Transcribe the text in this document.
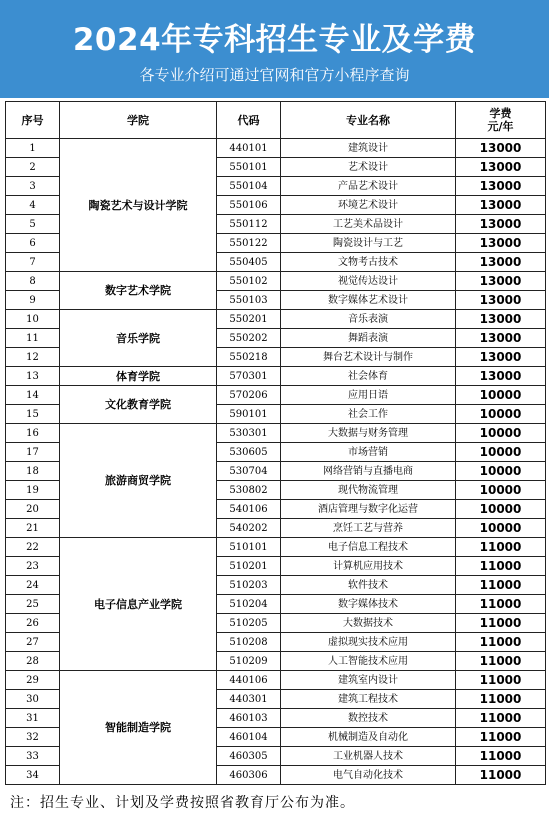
2024年专科招生专业及学费
各专业介绍可通过官网和官方小程序查询
序号	学院	代码	专业名称	学费
元/年
1	陶瓷艺术与设计学院	440101	建筑设计	13000
2		550101	艺术设计	13000
3		550104	产品艺术设计	13000
4		550106	环境艺术设计	13000
5		550112	工艺美术品设计	13000
6		550122	陶瓷设计与工艺	13000
7		550405	文物考古技术	13000
8	数字艺术学院	550102	视觉传达设计	13000
9		550103	数字媒体艺术设计	13000
10	音乐学院	550201	音乐表演	13000
11		550202	舞蹈表演	13000
12		550218	舞台艺术设计与制作	13000
13	体育学院	570301	社会体育	13000
14	文化教育学院	570206	应用日语	10000
15		590101	社会工作	10000
16	旅游商贸学院	530301	大数据与财务管理	10000
17		530605	市场营销	10000
18		530704	网络营销与直播电商	10000
19		530802	现代物流管理	10000
20		540106	酒店管理与数字化运营	10000
21		540202	烹饪工艺与营养	10000
22	电子信息产业学院	510101	电子信息工程技术	11000
23		510201	计算机应用技术	11000
24		510203	软件技术	11000
25		510204	数字媒体技术	11000
26		510205	大数据技术	11000
27		510208	虚拟现实技术应用	11000
28		510209	人工智能技术应用	11000
29	智能制造学院	440106	建筑室内设计	11000
30		440301	建筑工程技术	11000
31		460103	数控技术	11000
32		460104	机械制造及自动化	11000
33		460305	工业机器人技术	11000
34		460306	电气自动化技术	11000
注：招生专业、计划及学费按照省教育厅公布为准。
